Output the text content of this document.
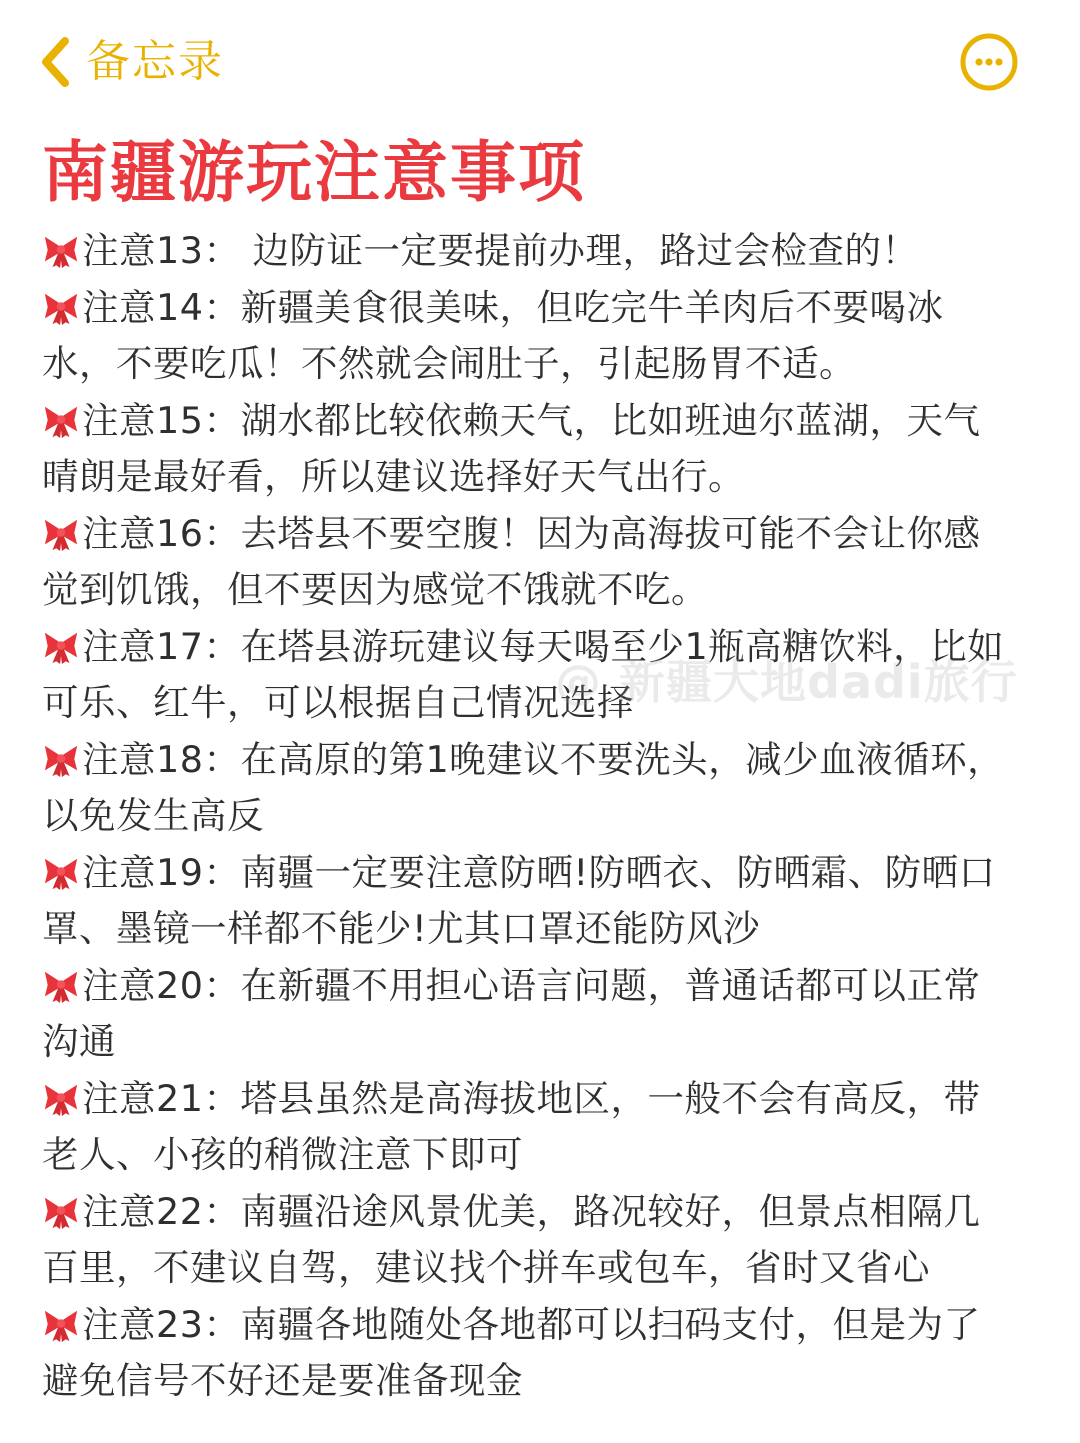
备忘录
南疆游玩注意事项
注意13： 边防证一定要提前办理，路过会检查的！
注意14：新疆美食很美味，但吃完牛羊肉后不要喝冰水，不要吃瓜！不然就会闹肚子，引起肠胃不适。
注意15：湖水都比较依赖天气，比如班迪尔蓝湖，天气晴朗是最好看，所以建议选择好天气出行。
注意16：去塔县不要空腹！因为高海拔可能不会让你感觉到饥饿，但不要因为感觉不饿就不吃。
注意17：在塔县游玩建议每天喝至少1瓶高糖饮料，比如可乐、红牛，可以根据自己情况选择
注意18：在高原的第1晚建议不要洗头，减少血液循环，以免发生高反
注意19：南疆一定要注意防晒!防晒衣、防晒霜、防晒口罩、墨镜一样都不能少!尤其口罩还能防风沙
注意20：在新疆不用担心语言问题，普通话都可以正常沟通
注意21：塔县虽然是高海拔地区，一般不会有高反，带老人、小孩的稍微注意下即可
注意22：南疆沿途风景优美，路况较好，但景点相隔几百里，不建议自驾，建议找个拼车或包车，省时又省心
注意23：南疆各地随处各地都可以扫码支付，但是为了避免信号不好还是要准备现金
@ 新疆大地dadi旅行
